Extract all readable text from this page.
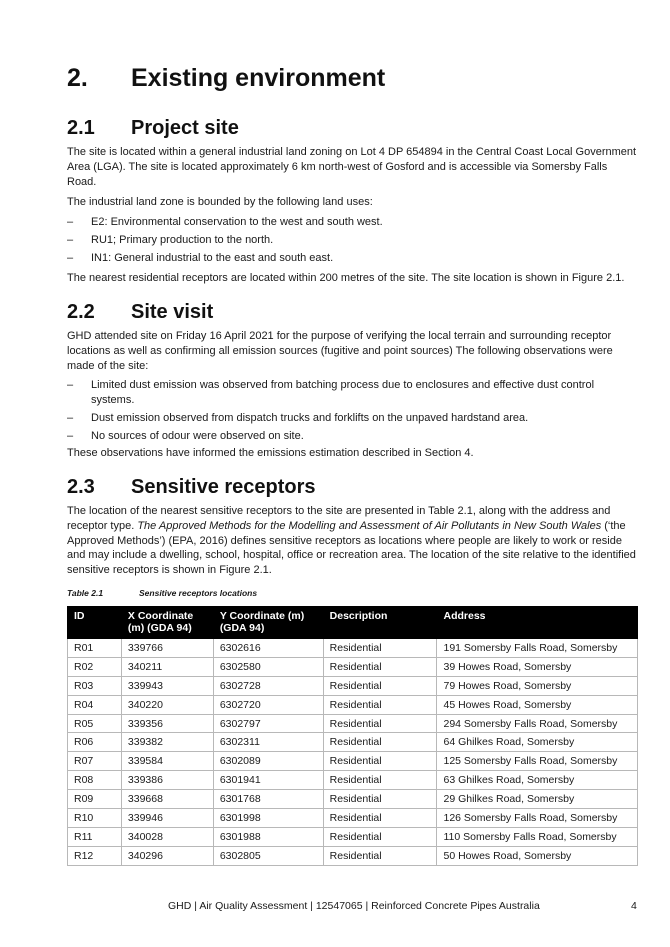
2. Existing environment
2.1 Project site

The site is located within a general industrial land zoning on Lot 4 DP 654894 in the Central Coast Local Government Area (LGA). The site is located approximately 6 km north-west of Gosford and is accessible via Somersby Falls Road.

The industrial land zone is bounded by the following land uses:

– E2: Environmental conservation to the west and south west.
– RU1; Primary production to the north.
– IN1: General industrial to the east and south east.

The nearest residential receptors are located within 200 metres of the site. The site location is shown in Figure 2.1.

2.2 Site visit

GHD attended site on Friday 16 April 2021 for the purpose of verifying the local terrain and surrounding receptor locations as well as confirming all emission sources (fugitive and point sources) The following observations were made of the site:

– Limited dust emission was observed from batching process due to enclosures and effective dust control systems.
– Dust emission observed from dispatch trucks and forklifts on the unpaved hardstand area.
– No sources of odour were observed on site.

These observations have informed the emissions estimation described in Section 4.

2.3 Sensitive receptors

The location of the nearest sensitive receptors to the site are presented in Table 2.1, along with the address and receptor type. The Approved Methods for the Modelling and Assessment of Air Pollutants in New South Wales (‘the Approved Methods’) (EPA, 2016) defines sensitive receptors as locations where people are likely to work or reside and may include a dwelling, school, hospital, office or recreation area. The location of the site relative to the identified sensitive receptors is shown in Figure 2.1.

Table 2.1	Sensitive receptors locations
ID	X Coordinate (m) (GDA 94)	Y Coordinate (m) (GDA 94)	Description	Address
R01	339766	6302616	Residential	191 Somersby Falls Road, Somersby
R02	340211	6302580	Residential	39 Howes Road, Somersby
R03	339943	6302728	Residential	79 Howes Road, Somersby
R04	340220	6302720	Residential	45 Howes Road, Somersby
R05	339356	6302797	Residential	294 Somersby Falls Road, Somersby
R06	339382	6302311	Residential	64 Ghilkes Road, Somersby
R07	339584	6302089	Residential	125 Somersby Falls Road, Somersby
R08	339386	6301941	Residential	63 Ghilkes Road, Somersby
R09	339668	6301768	Residential	29 Ghilkes Road, Somersby
R10	339946	6301998	Residential	126 Somersby Falls Road, Somersby
R11	340028	6301988	Residential	110 Somersby Falls Road, Somersby
R12	340296	6302805	Residential	50 Howes Road, Somersby
GHD | Air Quality Assessment | 12547065 | Reinforced Concrete Pipes Australia	4
